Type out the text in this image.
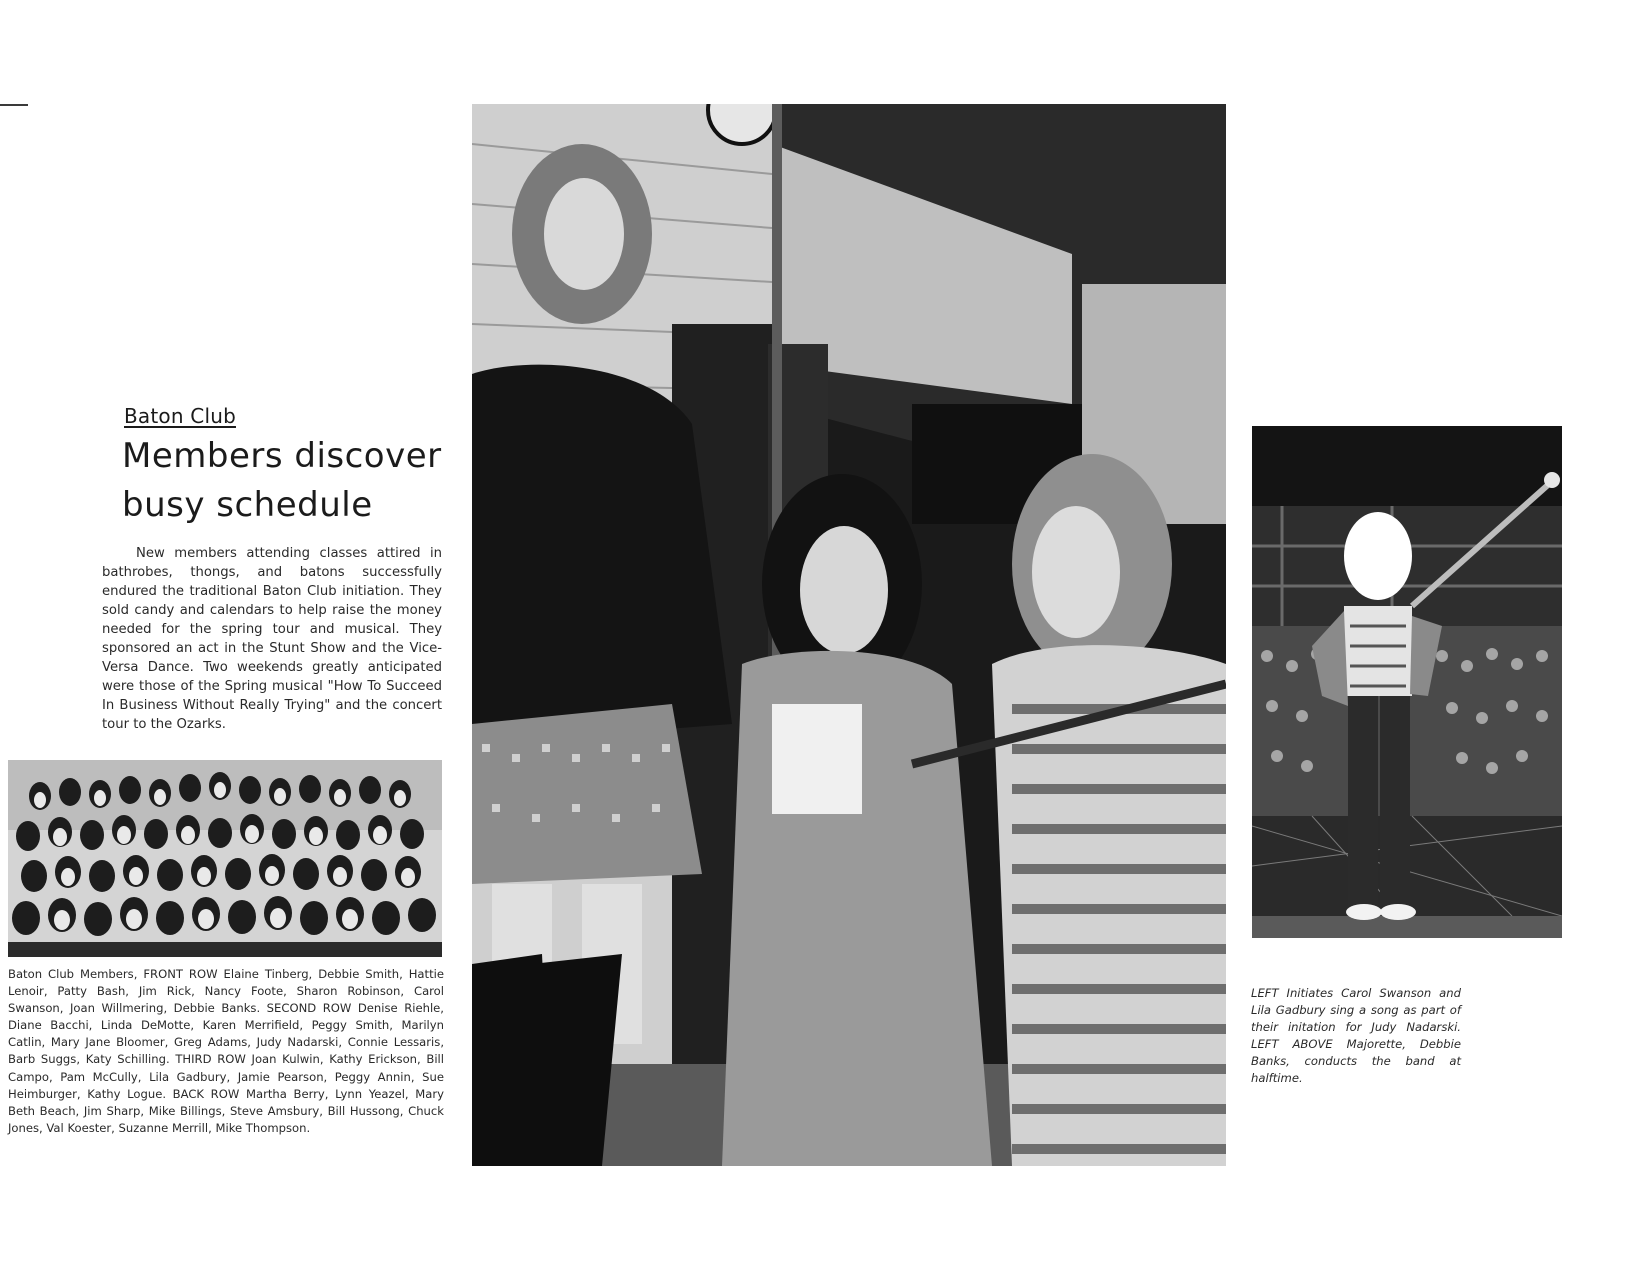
Baton Club
Members discover
busy schedule

New members attending classes attired in bathrobes, thongs, and batons successfully endured the traditional Baton Club initiation. They sold candy and calendars to help raise the money needed for the spring tour and musical. They sponsored an act in the Stunt Show and the Vice-Versa Dance. Two weekends greatly anticipated were those of the Spring musical "How To Succeed In Business Without Really Trying" and the concert tour to the Ozarks.

Baton Club Members, FRONT ROW Elaine Tinberg, Debbie Smith, Hattie Lenoir, Patty Bash, Jim Rick, Nancy Foote, Sharon Robinson, Carol Swanson, Joan Willmering, Debbie Banks. SECOND ROW Denise Riehle, Diane Bacchi, Linda DeMotte, Karen Merrifield, Peggy Smith, Marilyn Catlin, Mary Jane Bloomer, Greg Adams, Judy Nadarski, Connie Lessaris, Barb Suggs, Katy Schilling. THIRD ROW Joan Kulwin, Kathy Erickson, Bill Campo, Pam McCully, Lila Gadbury, Jamie Pearson, Peggy Annin, Sue Heimburger, Kathy Logue. BACK ROW Martha Berry, Lynn Yeazel, Mary Beth Beach, Jim Sharp, Mike Billings, Steve Amsbury, Bill Hussong, Chuck Jones, Val Koester, Suzanne Merrill, Mike Thompson.

LEFT Initiates Carol Swanson and Lila Gadbury sing a song as part of their initation for Judy Nadarski. LEFT ABOVE Majorette, Debbie Banks, conducts the band at halftime.
